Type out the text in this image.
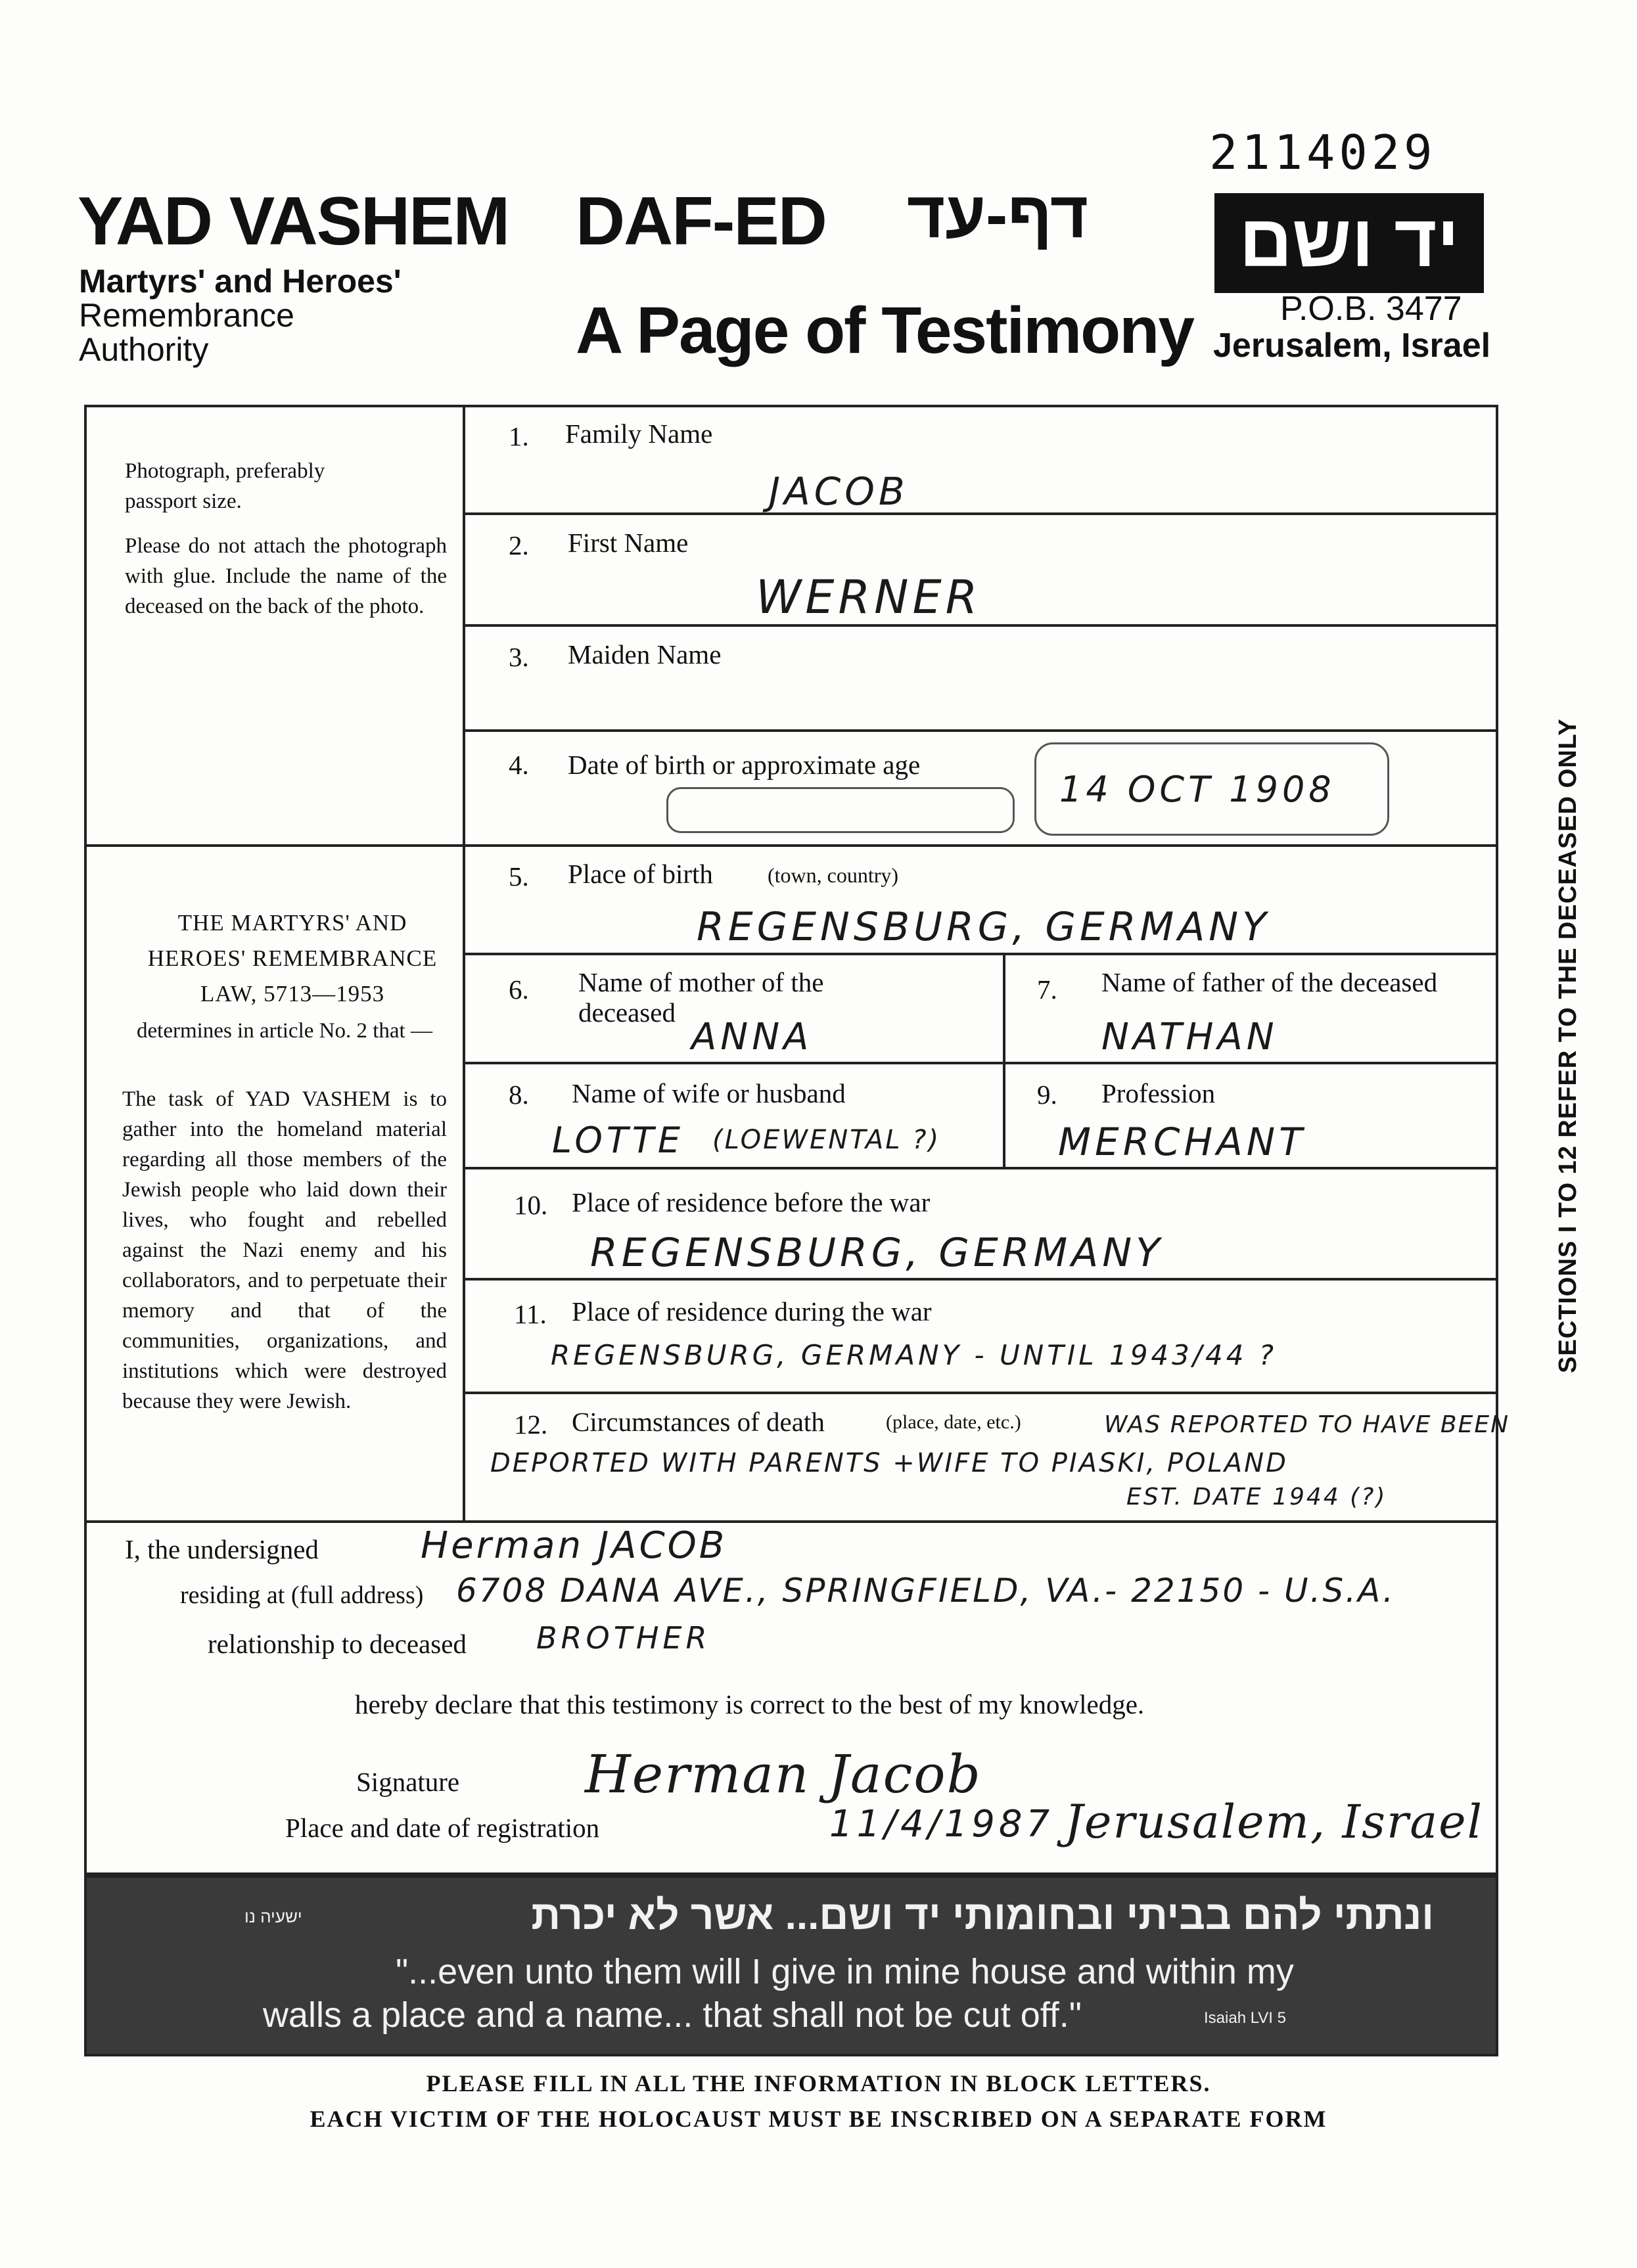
2114029
YAD VASHEM
Martyrs' and Heroes'
Remembrance
Authority
DAF-ED דף-עד
A Page of Testimony
יד ושם
P.O.B. 3477
Jerusalem, Israel
Photograph, preferably passport size.
Please do not attach the photograph with glue. Include the name of the deceased on the back of the photo.
THE MARTYRS' AND HEROES' REMEMBRANCE LAW, 5713—1953
determines in article No. 2 that —
The task of YAD VASHEM is to gather into the homeland material regarding all those members of the Jewish people who laid down their lives, who fought and rebelled against the Nazi enemy and his collaborators, and to perpetuate their memory and that of the communities, organizations, and institutions which were destroyed because they were Jewish.
1. Family Name
JACOB
2. First Name
WERNER
3. Maiden Name
4. Date of birth or approximate age
14 OCT 1908
5. Place of birth	(town, country)
REGENSBURG, GERMANY
6. Name of mother of the deceased
ANNA
7. Name of father of the deceased
NATHAN
8. Name of wife or husband
LOTTE (LOEWENTAL ?)
9. Profession
MERCHANT
10. Place of residence before the war
REGENSBURG, GERMANY
11. Place of residence during the war
REGENSBURG, GERMANY - UNTIL 1943/44 ?
12. Circumstances of death	(place, date, etc.)	WAS REPORTED TO HAVE BEEN
DEPORTED WITH PARENTS +WIFE TO PIASKI, POLAND
EST. DATE 1944 (?)
SECTIONS I TO 12 REFER TO THE DECEASED ONLY
I, the undersigned	Herman JACOB
residing at (full address) 6708 DANA AVE., SPRINGFIELD, VA.- 22150 - U.S.A.
relationship to deceased BROTHER
hereby declare that this testimony is correct to the best of my knowledge.
Signature Herman Jacob
Place and date of registration	11/4/1987 Jerusalem, Israel
ונתתי להם בביתי ובחומותי יד ושם... אשר לא יכרת
ישעיה נו
"...even unto them will I give in mine house and within my
walls a place and a name... that shall not be cut off."	Isaiah LVI 5
PLEASE FILL IN ALL THE INFORMATION IN BLOCK LETTERS.
EACH VICTIM OF THE HOLOCAUST MUST BE INSCRIBED ON A SEPARATE FORM
